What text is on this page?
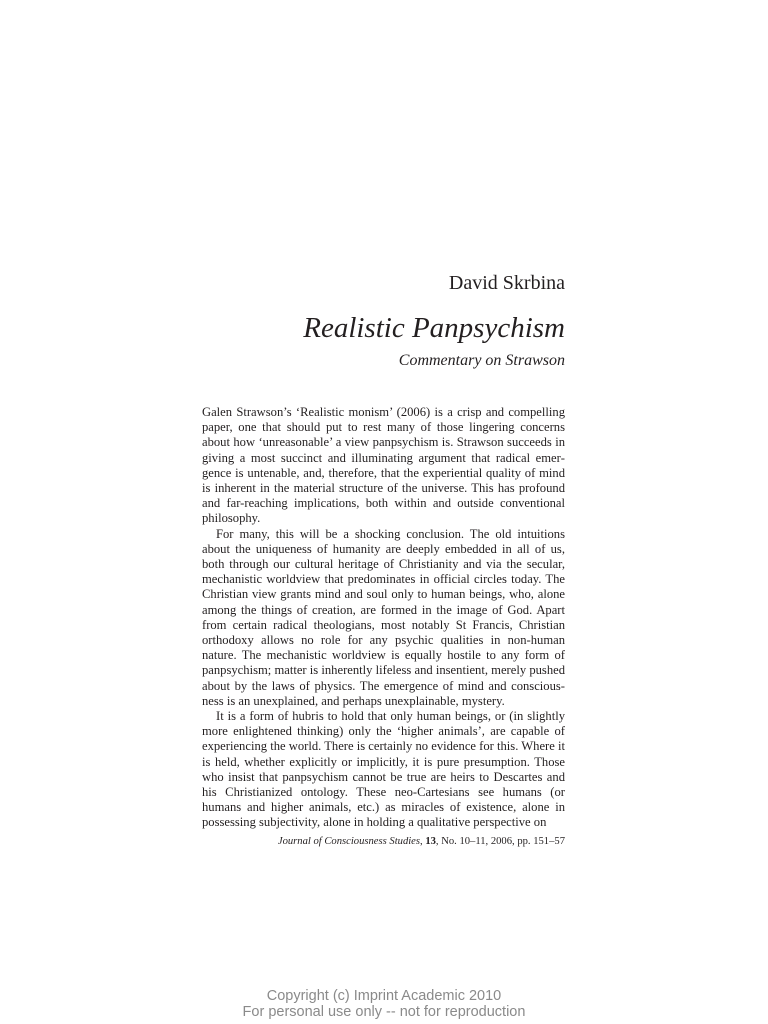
David Skrbina
Realistic Panpsychism
Commentary on Strawson

Galen Strawson’s ‘Realistic monism’ (2006) is a crisp and compelling paper, one that should put to rest many of those lingering concerns about how ‘unreasonable’ a view panpsychism is. Strawson succeeds in giving a most succinct and illuminating argument that radical emergence is untenable, and, therefore, that the experiential quality of mind is inherent in the material structure of the universe. This has profound and far-reaching implications, both within and outside conventional philosophy.

For many, this will be a shocking conclusion. The old intuitions about the uniqueness of humanity are deeply embedded in all of us, both through our cultural heritage of Christianity and via the secular, mechanistic worldview that predominates in official circles today. The Christian view grants mind and soul only to human beings, who, alone among the things of creation, are formed in the image of God. Apart from certain radical theologians, most notably St Francis, Christian orthodoxy allows no role for any psychic qualities in non-human nature. The mechanistic worldview is equally hostile to any form of panpsychism; matter is inherently lifeless and insentient, merely pushed about by the laws of physics. The emergence of mind and consciousness is an unexplained, and perhaps unexplainable, mystery.

It is a form of hubris to hold that only human beings, or (in slightly more enlightened thinking) only the ‘higher animals’, are capable of experiencing the world. There is certainly no evidence for this. Where it is held, whether explicitly or implicitly, it is pure presumption. Those who insist that panpsychism cannot be true are heirs to Descartes and his Christianized ontology. These neo-Cartesians see humans (or humans and higher animals, etc.) as miracles of existence, alone in possessing subjectivity, alone in holding a qualitative perspective on

Journal of Consciousness Studies, 13, No. 10–11, 2006, pp. 151–57
Copyright (c) Imprint Academic 2010
For personal use only -- not for reproduction
